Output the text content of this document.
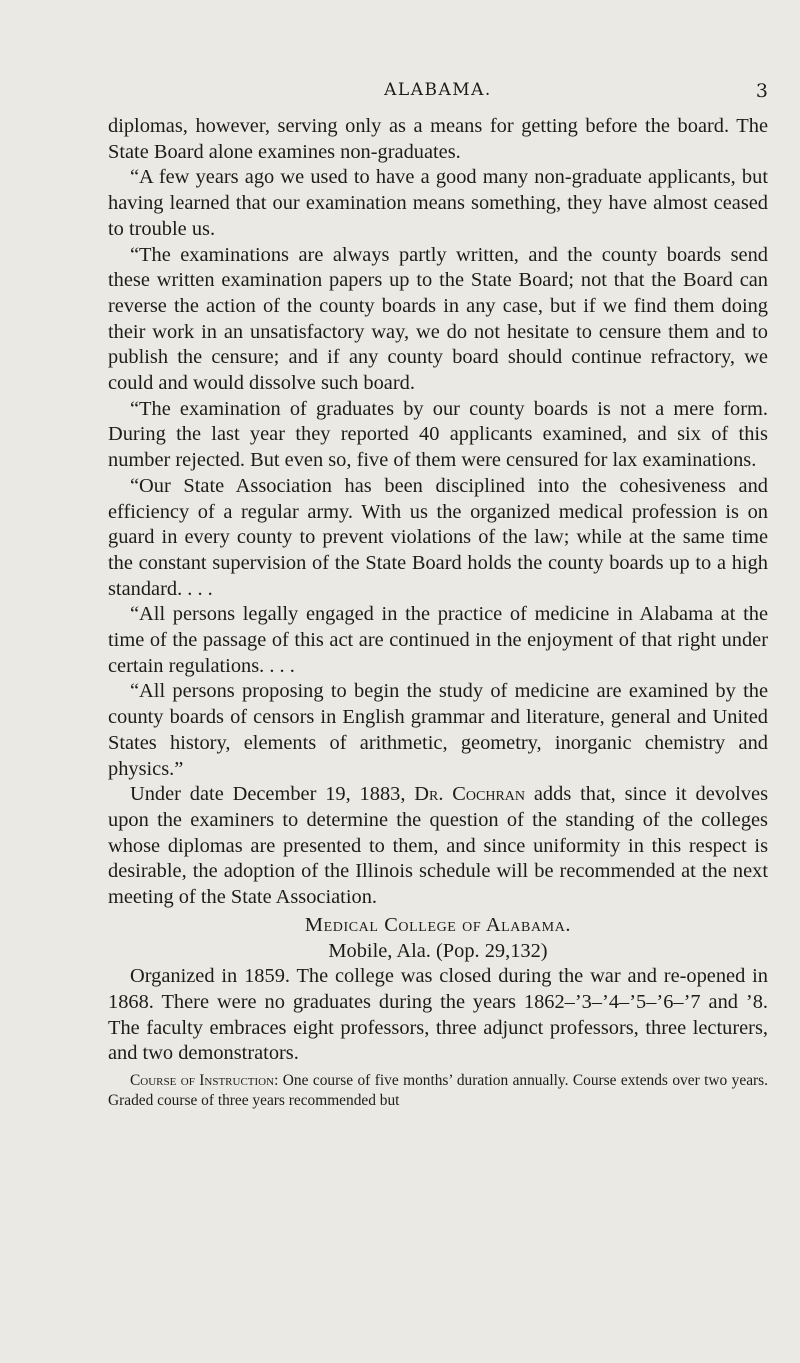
ALABAMA.	3

diplomas, however, serving only as a means for getting before the board. The State Board alone examines non-graduates.

“A few years ago we used to have a good many non-graduate applicants, but having learned that our examination means something, they have almost ceased to trouble us.

“The examinations are always partly written, and the county boards send these written examination papers up to the State Board; not that the Board can reverse the action of the county boards in any case, but if we find them doing their work in an unsatisfactory way, we do not hesitate to censure them and to publish the censure; and if any county board should continue refractory, we could and would dissolve such board.

“The examination of graduates by our county boards is not a mere form. During the last year they reported 40 applicants examined, and six of this number rejected. But even so, five of them were censured for lax examinations.

“Our State Association has been disciplined into the cohesiveness and efficiency of a regular army. With us the organized medical profession is on guard in every county to prevent violations of the law; while at the same time the constant supervision of the State Board holds the county boards up to a high standard. . . .

“All persons legally engaged in the practice of medicine in Alabama at the time of the passage of this act are continued in the enjoyment of that right under certain regulations. . . .

“All persons proposing to begin the study of medicine are examined by the county boards of censors in English grammar and literature, general and United States history, elements of arithmetic, geometry, inorganic chemistry and physics.”

Under date December 19, 1883, Dr. Cochran adds that, since it devolves upon the examiners to determine the question of the standing of the colleges whose diplomas are presented to them, and since uniformity in this respect is desirable, the adoption of the Illinois schedule will be recommended at the next meeting of the State Association.

Medical College of Alabama.

Mobile, Ala. (Pop. 29,132)

Organized in 1859. The college was closed during the war and re-opened in 1868. There were no graduates during the years 1862–’3–’4–’5–’6–’7 and ’8. The faculty embraces eight professors, three adjunct professors, three lecturers, and two demonstrators.

Course of Instruction: One course of five months’ duration annually. Course extends over two years. Graded course of three years recommended but
